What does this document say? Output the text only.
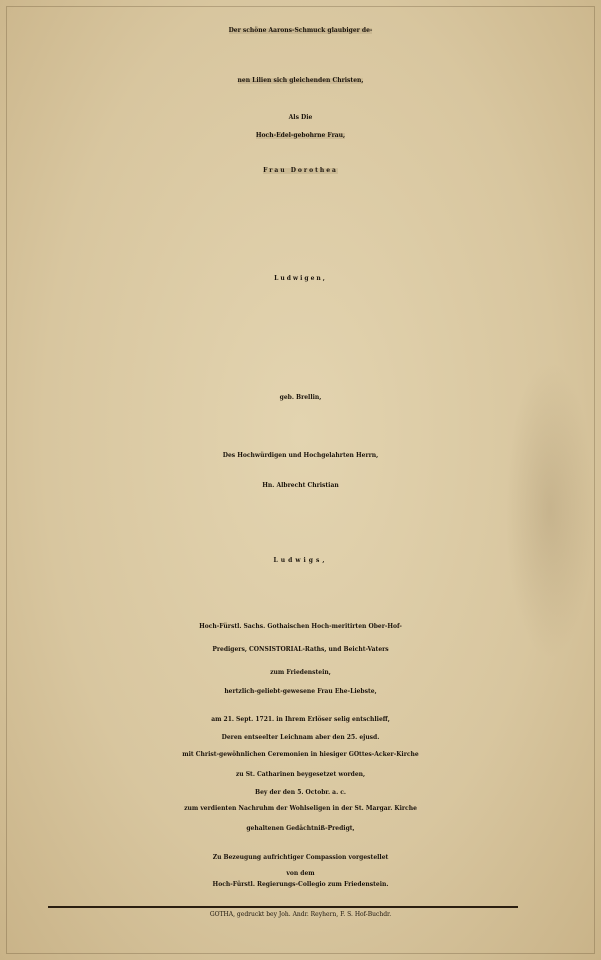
Der schöne Aarons-Schmuck glaubiger de-
nen Lilien sich gleichenden Christen,
Als Die
Hoch-Edel-gebohrne Frau,
Frau Dorothea
Ludwigen,
geb. Brellin,
Des Hochwürdigen und Hochgelahrten Herrn,
Hn. Albrecht Christian
Ludwigs,
Hoch-Fürstl. Sachs. Gothaischen Hoch-meritirten Ober-Hof-
Predigers, CONSISTORIAL-Raths, und Beicht-Vaters
zum Friedenstein,
hertzlich-geliebt-gewesene Frau Ehe-Liebste,
am 21. Sept. 1721. in Ihrem Erlöser selig entschlieff,
Deren entseelter Leichnam aber den 25. ejusd.
mit Christ-gewöhnlichen Ceremonien in hiesiger GOttes-Acker-Kirche
zu St. Catharinen beygesetzet worden,
Bey der den 5. Octobr. a. c.
zum verdienten Nachruhm der Wohlseligen in der St. Margar. Kirche
gehaltenen Gedächtniß-Predigt,
Zu Bezeugung aufrichtiger Compassion vorgestellet
von dem
Hoch-Fürstl. Regierungs-Collegio zum Friedenstein.
GOTHA, gedruckt bey Joh. Andr. Reyhern, F. S. Hof-Buchdr.
